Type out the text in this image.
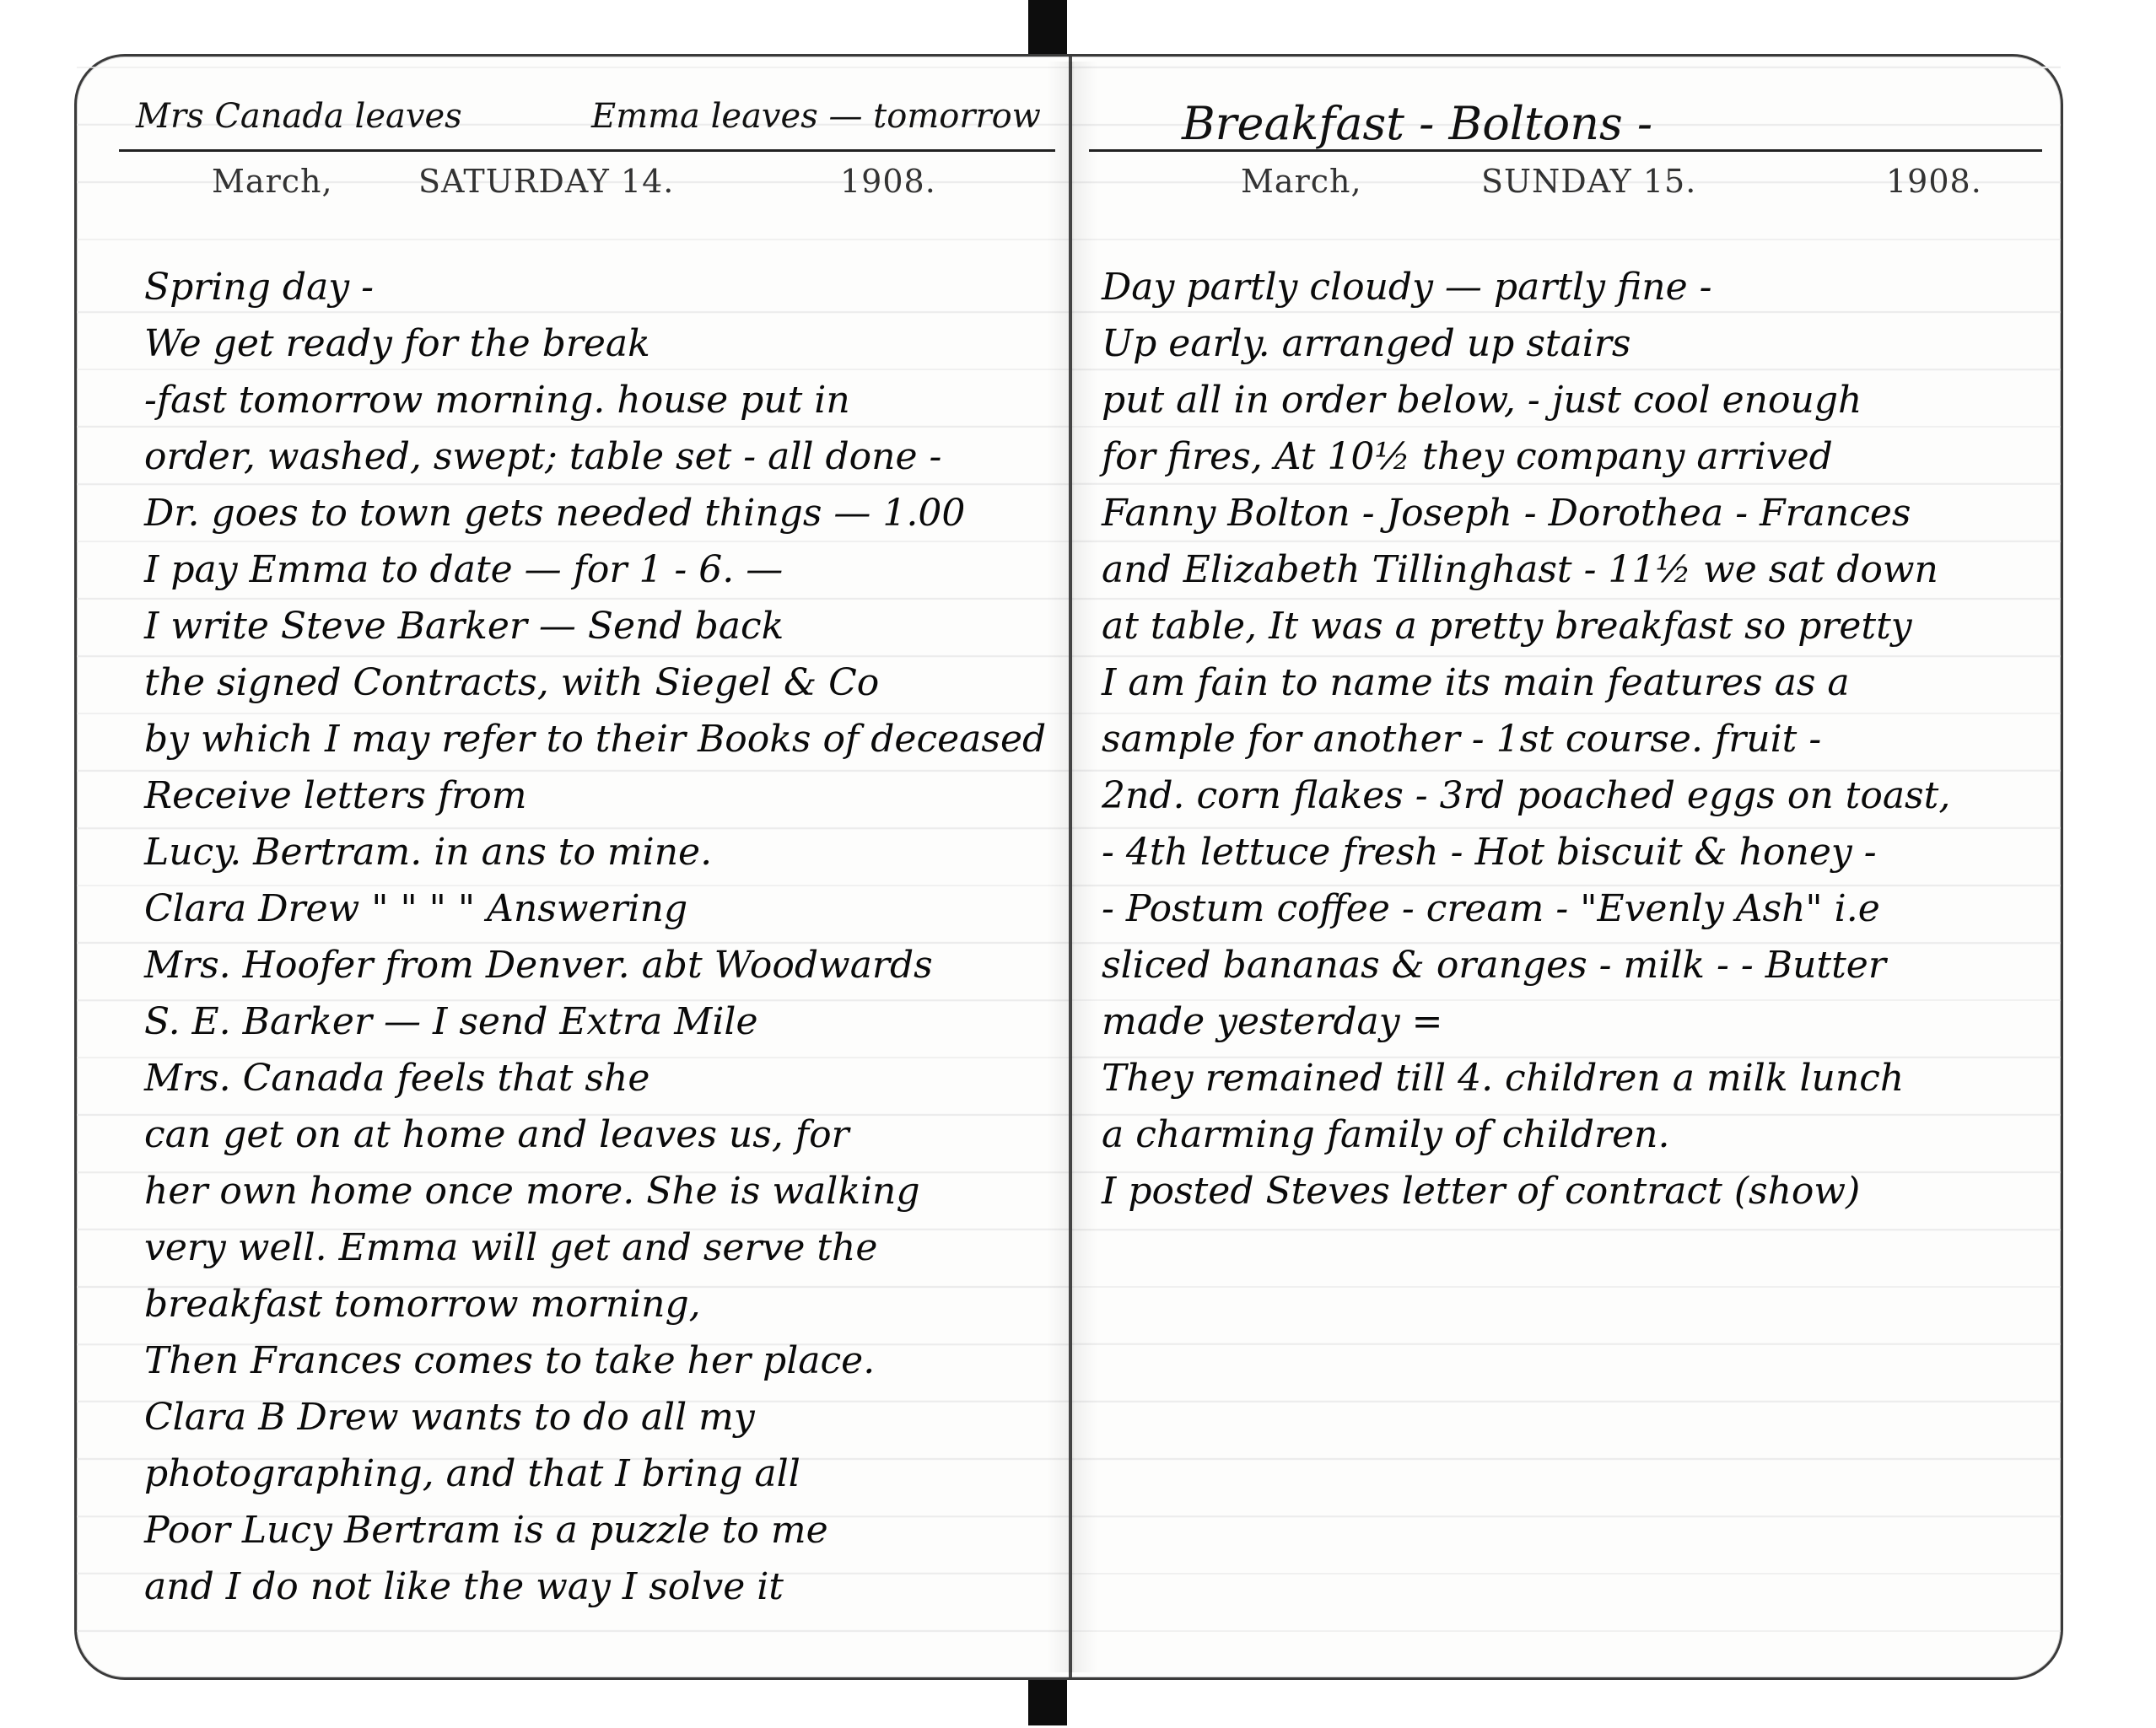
Mrs Canada leaves	Emma leaves — tomorrow
March,	SATURDAY 14.	1908.

Spring day -

We get ready for the break

-fast tomorrow morning. house put in

order, washed, swept; table set - all done -

Dr. goes to town gets needed things — 1.00

I pay Emma to date — for 1 - 6. —

I write Steve Barker — Send back

the signed Contracts, with Siegel & Co

by which I may refer to their Books of deceased

Receive letters from

Lucy. Bertram. in ans to mine.

Clara Drew " " " " Answering

Mrs. Hoofer from Denver. abt Woodwards

S. E. Barker — I send Extra Mile

Mrs. Canada feels that she

can get on at home and leaves us, for

her own home once more. She is walking

very well. Emma will get and serve the

breakfast tomorrow morning,

Then Frances comes to take her place.

Clara B Drew wants to do all my

photographing, and that I bring all

Poor Lucy Bertram is a puzzle to me

and I do not like the way I solve it

Breakfast - Boltons -
March,	SUNDAY 15.	1908.

Day partly cloudy — partly fine -

Up early. arranged up stairs

put all in order below, - just cool enough

for fires, At 10½ they company arrived

Fanny Bolton - Joseph - Dorothea - Frances

and Elizabeth Tillinghast - 11½ we sat down

at table, It was a pretty breakfast so pretty

I am fain to name its main features as a

sample for another - 1st course. fruit -

2nd. corn flakes - 3rd poached eggs on toast,

- 4th lettuce fresh - Hot biscuit & honey -

- Postum coffee - cream - "Evenly Ash" i.e

sliced bananas & oranges - milk - - Butter

made yesterday =

They remained till 4. children a milk lunch

a charming family of children.

I posted Steves letter of contract (show)
